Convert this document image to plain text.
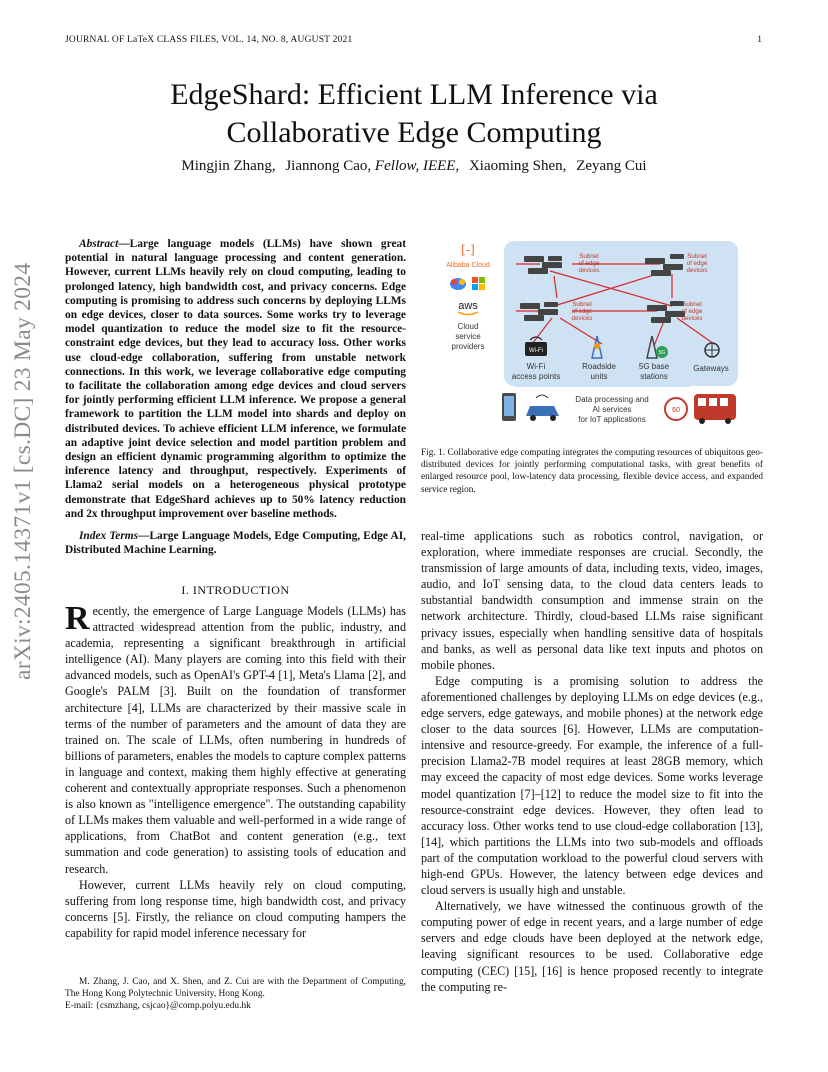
JOURNAL OF LaTeX CLASS FILES, VOL. 14, NO. 8, AUGUST 2021	1
arXiv:2405.14371v1 [cs.DC] 23 May 2024
EdgeShard: Efficient LLM Inference via
Collaborative Edge Computing
Mingjin Zhang, Jiannong Cao, Fellow, IEEE, Xiaoming Shen, Zeyang Cui
Abstract—Large language models (LLMs) have shown great potential in natural language processing and content generation. However, current LLMs heavily rely on cloud computing, leading to prolonged latency, high bandwidth cost, and privacy concerns. Edge computing is promising to address such concerns by deploying LLMs on edge devices, closer to data sources. Some works try to leverage model quantization to reduce the model size to fit the resource-constraint edge devices, but they lead to accuracy loss. Other works use cloud-edge collaboration, suffering from unstable network connections. In this work, we leverage collaborative edge computing to facilitate the collaboration among edge devices and cloud servers for jointly performing efficient LLM inference. We propose a general framework to partition the LLM model into shards and deploy on distributed devices. To achieve efficient LLM inference, we formulate an adaptive joint device selection and model partition problem and design an efficient dynamic programming algorithm to optimize the inference latency and throughput, respectively. Experiments of Llama2 serial models on a heterogeneous physical prototype demonstrate that EdgeShard achieves up to 50% latency reduction and 2x throughput improvement over baseline methods.
Index Terms—Large Language Models, Edge Computing, Edge AI, Distributed Machine Learning.
I. INTRODUCTION

Recently, the emergence of Large Language Models (LLMs) has attracted widespread attention from the public, industry, and academia, representing a significant breakthrough in artificial intelligence (AI). Many players are coming into this field with their advanced models, such as OpenAI's GPT-4 [1], Meta's Llama [2], and Google's PALM [3]. Built on the foundation of transformer architecture [4], LLMs are characterized by their massive scale in terms of the number of parameters and the amount of data they are trained on. The scale of LLMs, often numbering in hundreds of billions of parameters, enables the models to capture complex patterns in language and context, making them highly effective at generating coherent and contextually appropriate responses. Such a phenomenon is also known as "intelligence emergence". The outstanding capability of LLMs makes them valuable and well-performed in a wide range of applications, from ChatBot and content generation (e.g., text summation and code generation) to assisting tools of education and research.

However, current LLMs heavily rely on cloud computing, suffering from long response time, high bandwidth cost, and privacy concerns [5]. Firstly, the reliance on cloud computing hampers the capability for rapid model inference necessary for

M. Zhang, J. Cao, and X. Shen, and Z. Cui are with the Department of Computing, The Hong Kong Polytechnic University, Hong Kong.

E-mail: {csmzhang, csjcao}@comp.polyu.edu.hk

[-]
Alibaba Cloud
aws
Cloud
service
providers
Subnet
of edge
devices
Subnet
of edge
devices
Subnet
of edge
devices
Subnet
of edge
devices
Wi-Fi
Wi-Fi
access points
Roadside
units
5G
5G base
stations
Gateways
Data processing and
AI services
for IoT applications
60
Fig. 1. Collaborative edge computing integrates the computing resources of ubiquitous geo-distributed devices for jointly performing computational tasks, with great benefits of enlarged resource pool, low-latency data processing, flexible device access, and expanded service region.

real-time applications such as robotics control, navigation, or exploration, where immediate responses are crucial. Secondly, the transmission of large amounts of data, including texts, video, images, audio, and IoT sensing data, to the cloud data centers leads to substantial bandwidth consumption and immense strain on the network architecture. Thirdly, cloud-based LLMs raise significant privacy issues, especially when handling sensitive data of hospitals and banks, as well as personal data like text inputs and photos on mobile phones.

Edge computing is a promising solution to address the aforementioned challenges by deploying LLMs on edge devices (e.g., edge servers, edge gateways, and mobile phones) at the network edge closer to the data sources [6]. However, LLMs are computation-intensive and resource-greedy. For example, the inference of a full-precision Llama2-7B model requires at least 28GB memory, which may exceed the capacity of most edge devices. Some works leverage model quantization [7]–[12] to reduce the model size to fit into the resource-constraint edge devices. However, they often lead to accuracy loss. Other works tend to use cloud-edge collaboration [13], [14], which partitions the LLMs into two sub-models and offloads part of the computation workload to the powerful cloud servers with high-end GPUs. However, the latency between edge devices and cloud servers is usually high and unstable.

Alternatively, we have witnessed the continuous growth of the computing power of edge in recent years, and a large number of edge servers and edge clouds have been deployed at the network edge, leaving significant resources to be used. Collaborative edge computing (CEC) [15], [16] is hence proposed recently to integrate the computing re-
